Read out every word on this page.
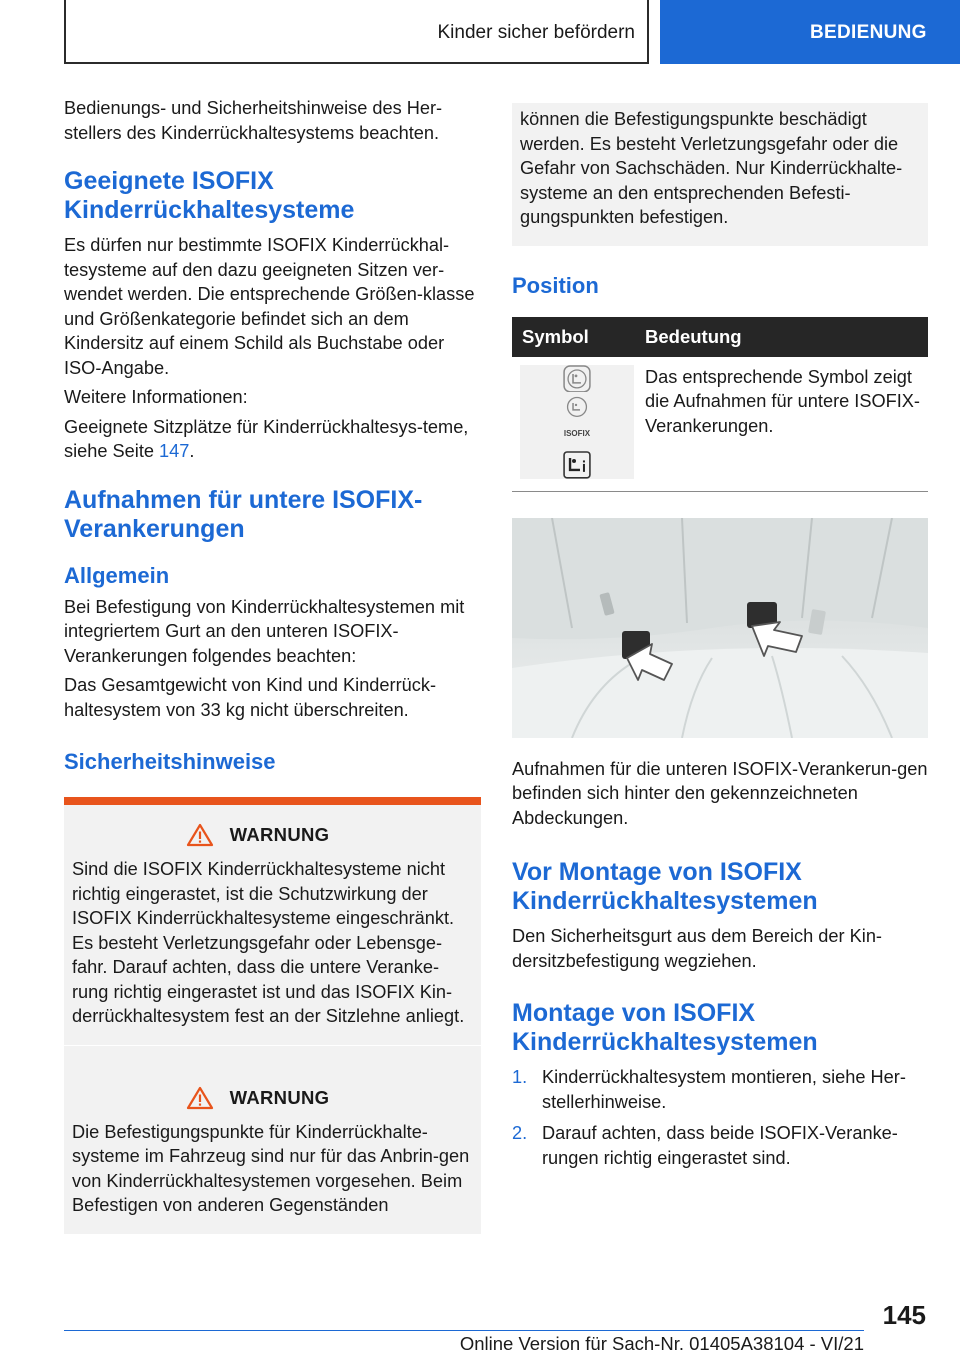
Kinder sicher befördern	BEDIENUNG

Bedienungs- und Sicherheitshinweise des Her-stellers des Kinderrückhaltesystems beachten.

Geeignete ISOFIX Kinderrückhaltesysteme

Es dürfen nur bestimmte ISOFIX Kinderrückhal-tesysteme auf den dazu geeigneten Sitzen ver-wendet werden. Die entsprechende Größen-klasse und Größenkategorie befindet sich an dem Kindersitz auf einem Schild als Buchstabe oder ISO-Angabe.

Weitere Informationen:

Geeignete Sitzplätze für Kinderrückhaltesys-teme, siehe Seite 147.

Aufnahmen für untere ISOFIX-Verankerungen
Allgemein

Bei Befestigung von Kinderrückhaltesystemen mit integriertem Gurt an den unteren ISOFIX-Verankerungen folgendes beachten:

Das Gesamtgewicht von Kind und Kinderrück-haltesystem von 33 kg nicht überschreiten.

Sicherheitshinweise
WARNUNG

Sind die ISOFIX Kinderrückhaltesysteme nicht richtig eingerastet, ist die Schutzwirkung der ISOFIX Kinderrückhaltesysteme eingeschränkt. Es besteht Verletzungsgefahr oder Lebensge-fahr. Darauf achten, dass die untere Veranke-rung richtig eingerastet ist und das ISOFIX Kin-derrückhaltesystem fest an der Sitzlehne anliegt.

WARNUNG

Die Befestigungspunkte für Kinderrückhalte-systeme im Fahrzeug sind nur für das Anbrin-gen von Kinderrückhaltesystemen vorgesehen. Beim Befestigen von anderen Gegenständen

können die Befestigungspunkte beschädigt werden. Es besteht Verletzungsgefahr oder die Gefahr von Sachschäden. Nur Kinderrückhalte-systeme an den entsprechenden Befesti-gungspunkten befestigen.

Position
Symbol	Bedeutung

ISOFIX	Das entsprechende Symbol zeigt die Aufnahmen für untere ISOFIX-Verankerungen.

Aufnahmen für die unteren ISOFIX-Verankerun-gen befinden sich hinter den gekennzeichneten Abdeckungen.

Vor Montage von ISOFIX Kinderrückhaltesystemen

Den Sicherheitsgurt aus dem Bereich der Kin-dersitzbefestigung wegziehen.

Montage von ISOFIX Kinderrückhaltesystemen
1. Kinderrückhaltesystem montieren, siehe Her-stellerhinweise.
2. Darauf achten, dass beide ISOFIX-Veranke-rungen richtig eingerastet sind.
145
Online Version für Sach-Nr. 01405A38104 - VI/21
